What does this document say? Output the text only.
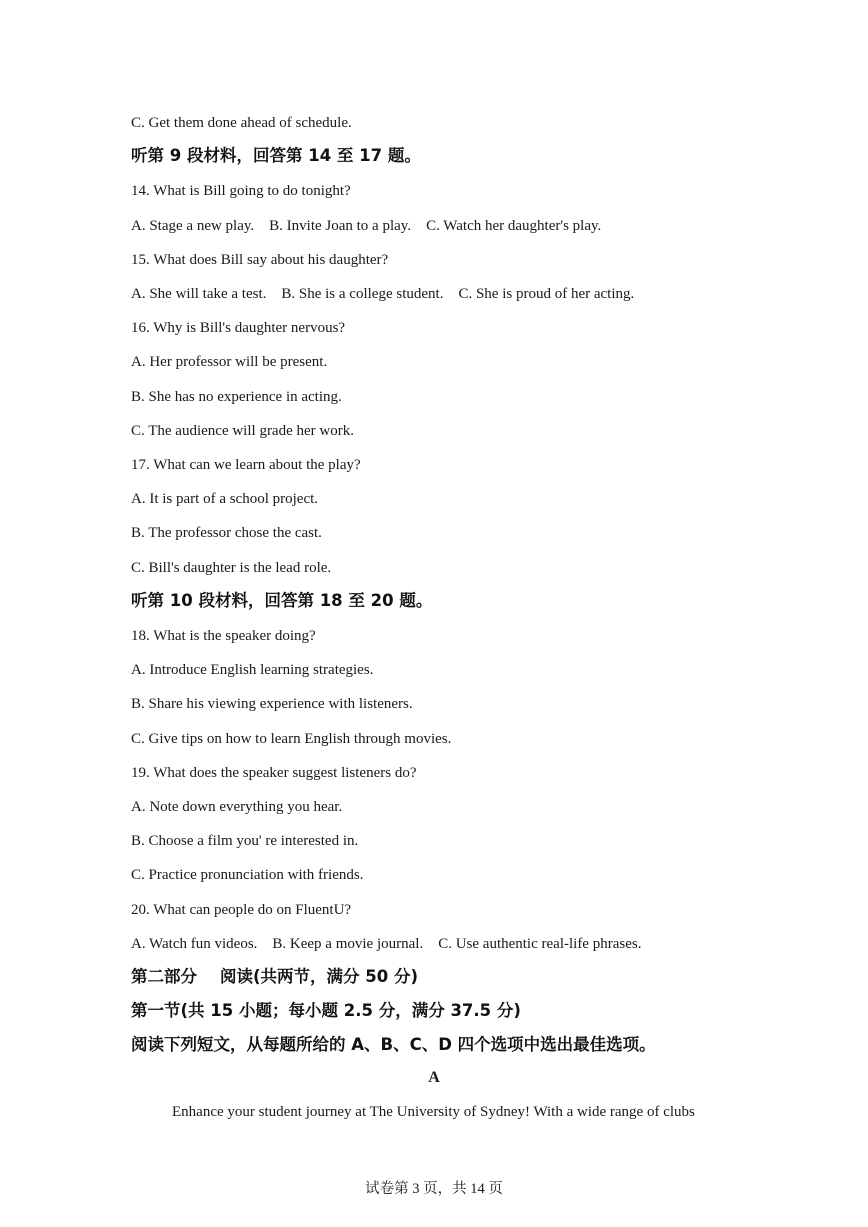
C. Get them done ahead of schedule.
听第 9 段材料，回答第 14 至 17 题。
14. What is Bill going to do tonight?
A. Stage a new play.    B. Invite Joan to a play.    C. Watch her daughter's play.
15. What does Bill say about his daughter?
A. She will take a test.    B. She is a college student.    C. She is proud of her acting.
16. Why is Bill's daughter nervous?
A. Her professor will be present.
B. She has no experience in acting.
C. The audience will grade her work.
17. What can we learn about the play?
A. It is part of a school project.
B. The professor chose the cast.
C. Bill's daughter is the lead role.
听第 10 段材料，回答第 18 至 20 题。
18. What is the speaker doing?
A. Introduce English learning strategies.
B. Share his viewing experience with listeners.
C. Give tips on how to learn English through movies.
19. What does the speaker suggest listeners do?
A. Note down everything you hear.
B. Choose a film you' re interested in.
C. Practice pronunciation with friends.
20. What can people do on FluentU?
A. Watch fun videos.    B. Keep a movie journal.    C. Use authentic real-life phrases.
第二部分    阅读(共两节，满分 50 分)
第一节(共 15 小题；每小题 2.5 分，满分 37.5 分)
阅读下列短文，从每题所给的 A、B、C、D 四个选项中选出最佳选项。
A
Enhance your student journey at The University of Sydney! With a wide range of clubs
试卷第 3 页，共 14 页
